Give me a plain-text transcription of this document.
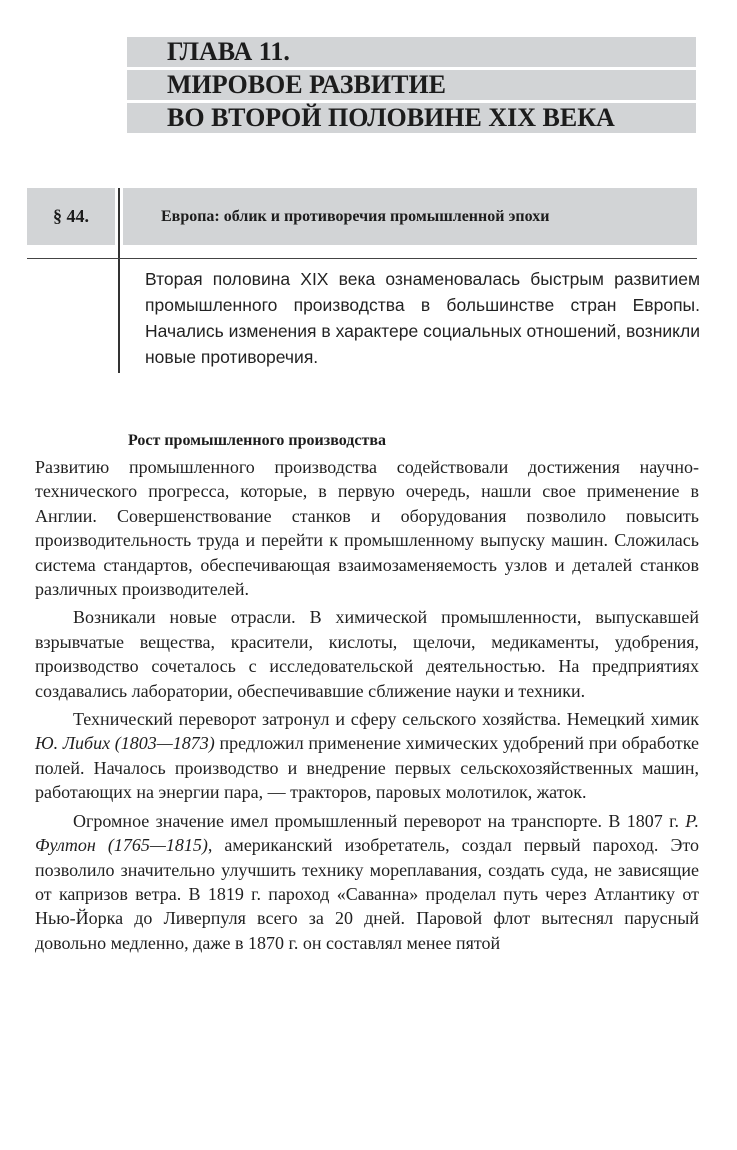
ГЛАВА 11.
МИРОВОЕ РАЗВИТИЕ
ВО ВТОРОЙ ПОЛОВИНЕ XIX ВЕКА
§ 44.	Европа: облик и противоречия промышленной эпохи
Вторая половина XIX века ознаменовалась быстрым развитием промышленного производства в большинстве стран Европы. Начались изменения в характере социальных отношений, возникли новые противоречия.
Рост промышленного производства

Развитию промышленного производства содействовали достижения научно-технического прогресса, которые, в первую очередь, нашли свое применение в Англии. Совершенствование станков и оборудования позволило повысить производительность труда и перейти к промышленному выпуску машин. Сложилась система стандартов, обеспечивающая взаимозаменяемость узлов и деталей станков различных производителей.

Возникали новые отрасли. В химической промышленности, выпускавшей взрывчатые вещества, красители, кислоты, щелочи, медикаменты, удобрения, производство сочеталось с исследовательской деятельностью. На предприятиях создавались лаборатории, обеспечивавшие сближение науки и техники.

Технический переворот затронул и сферу сельского хозяйства. Немецкий химик Ю. Либих (1803—1873) предложил применение химических удобрений при обработке полей. Началось производство и внедрение первых сельскохозяйственных машин, работающих на энергии пара, — тракторов, паровых молотилок, жаток.

Огромное значение имел промышленный переворот на транспорте. В 1807 г. Р. Фултон (1765—1815), американский изобретатель, создал первый пароход. Это позволило значительно улучшить технику мореплавания, создать суда, не зависящие от капризов ветра. В 1819 г. пароход «Саванна» проделал путь через Атлантику от Нью-Йорка до Ливерпуля всего за 20 дней. Паровой флот вытеснял парусный довольно медленно, даже в 1870 г. он составлял менее пятой
